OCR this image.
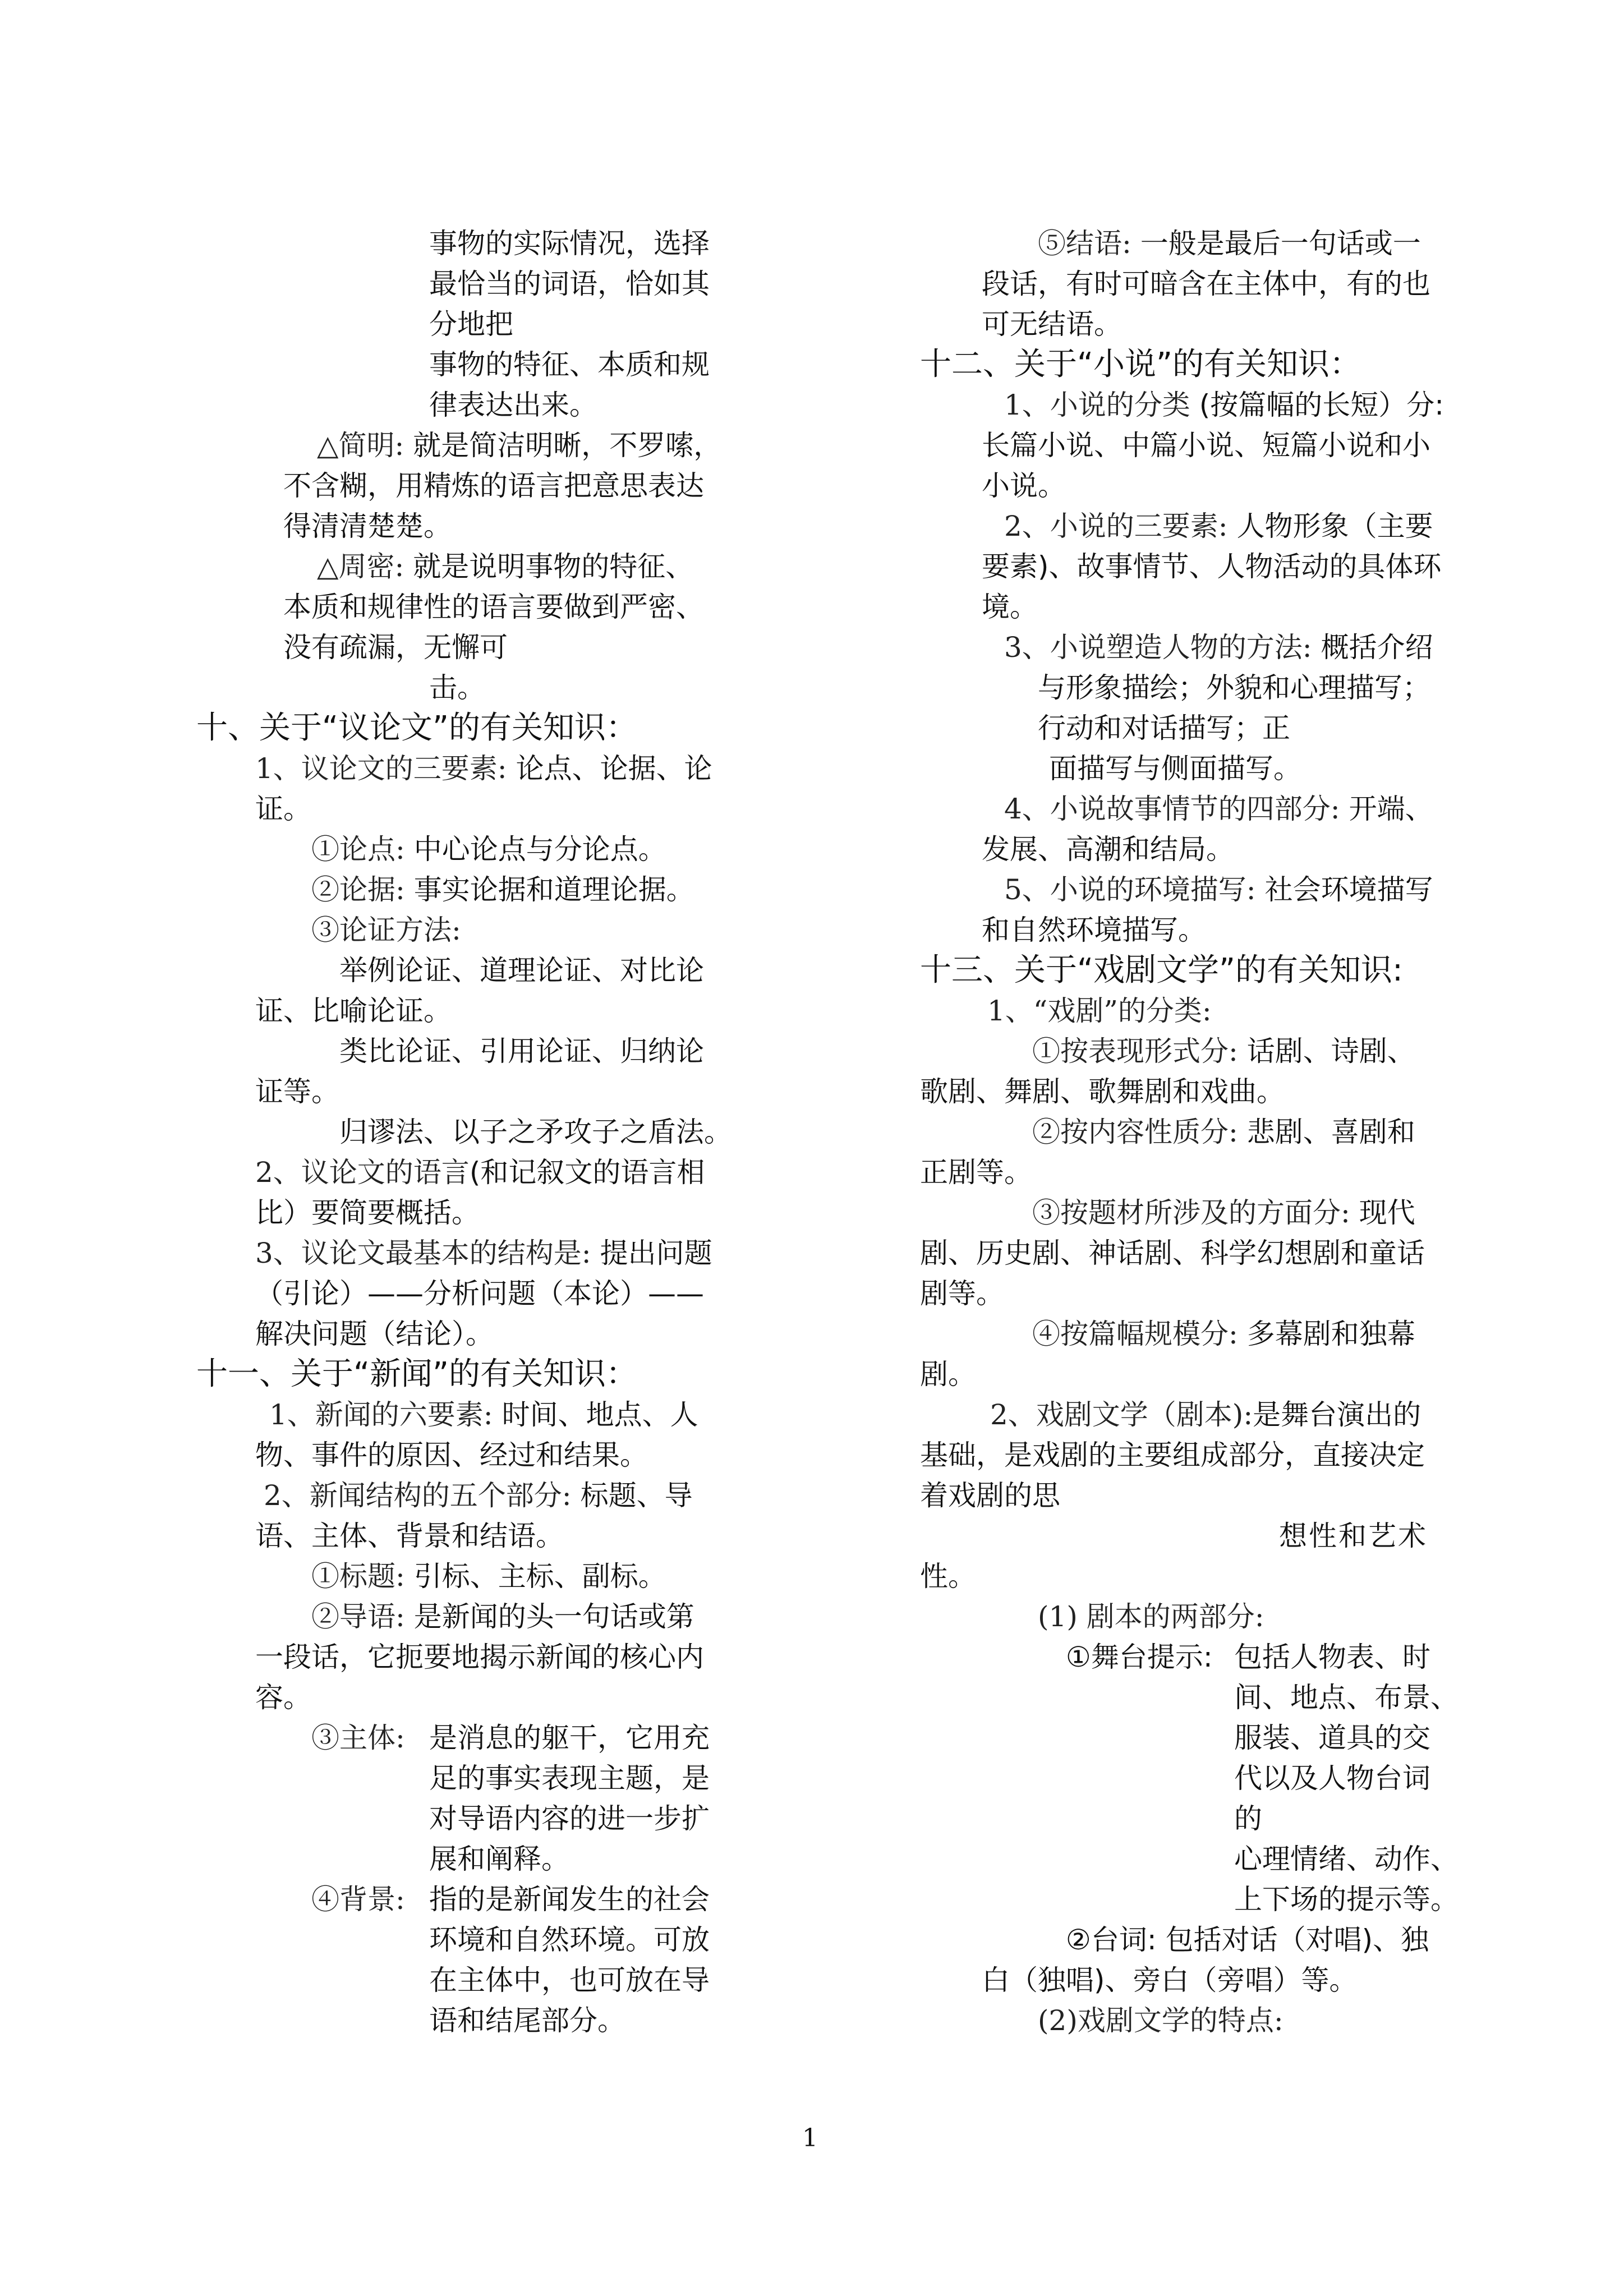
事物的实际情况，选择
最恰当的词语，恰如其
分地把
事物的特征、本质和规
律表达出来。
△简明: 就是简洁明晰，不罗嗦，
不含糊，用精炼的语言把意思表达
得清清楚楚。
△周密: 就是说明事物的特征、
本质和规律性的语言要做到严密、
没有疏漏，无懈可
击。
十、关于“议论文”的有关知识：
1、议论文的三要素: 论点、论据、论
证。
①论点: 中心论点与分论点。
②论据: 事实论据和道理论据。
③论证方法:
举例论证、道理论证、对比论
证、比喻论证。
类比论证、引用论证、归纳论
证等。
归谬法、以子之矛攻子之盾法。
2、议论文的语言(和记叙文的语言相
比）要简要概括。
3、议论文最基本的结构是: 提出问题
（引论）——分析问题（本论）——
解决问题（结论）。
十一、关于“新闻”的有关知识：
1、新闻的六要素: 时间、地点、人
物、事件的原因、经过和结果。
2、新闻结构的五个部分: 标题、导
语、主体、背景和结语。
①标题: 引标、主标、副标。
②导语: 是新闻的头一句话或第
一段话，它扼要地揭示新闻的核心内
容。
③主体: 是消息的躯干，它用充
足的事实表现主题，是
对导语内容的进一步扩
展和阐释。
④背景: 指的是新闻发生的社会
环境和自然环境。可放
在主体中，也可放在导
语和结尾部分。
⑤结语: 一般是最后一句话或一
段话，有时可暗含在主体中，有的也
可无结语。
十二、关于“小说”的有关知识：
1、小说的分类 (按篇幅的长短）分:
长篇小说、中篇小说、短篇小说和小
小说。
2、小说的三要素: 人物形象（主要
要素)、故事情节、人物活动的具体环
境。
3、小说塑造人物的方法: 概括介绍
与形象描绘；外貌和心理描写；
行动和对话描写；正
面描写与侧面描写。
4、小说故事情节的四部分: 开端、
发展、高潮和结局。
5、小说的环境描写: 社会环境描写
和自然环境描写。
十三、关于“戏剧文学”的有关知识:
1、“戏剧”的分类:
①按表现形式分: 话剧、诗剧、
歌剧、舞剧、歌舞剧和戏曲。
②按内容性质分: 悲剧、喜剧和
正剧等。
③按题材所涉及的方面分: 现代
剧、历史剧、神话剧、科学幻想剧和童话
剧等。
④按篇幅规模分: 多幕剧和独幕
剧。
2、戏剧文学（剧本):是舞台演出的
基础，是戏剧的主要组成部分，直接决定
着戏剧的思
想性和艺术
性。
(1) 剧本的两部分:
①舞台提示: 包括人物表、时
间、地点、布景、
服装、道具的交
代以及人物台词
的
心理情绪、动作、
上下场的提示等。
②台词: 包括对话（对唱)、独
白（独唱)、旁白（旁唱）等。
(2)戏剧文学的特点:
1
